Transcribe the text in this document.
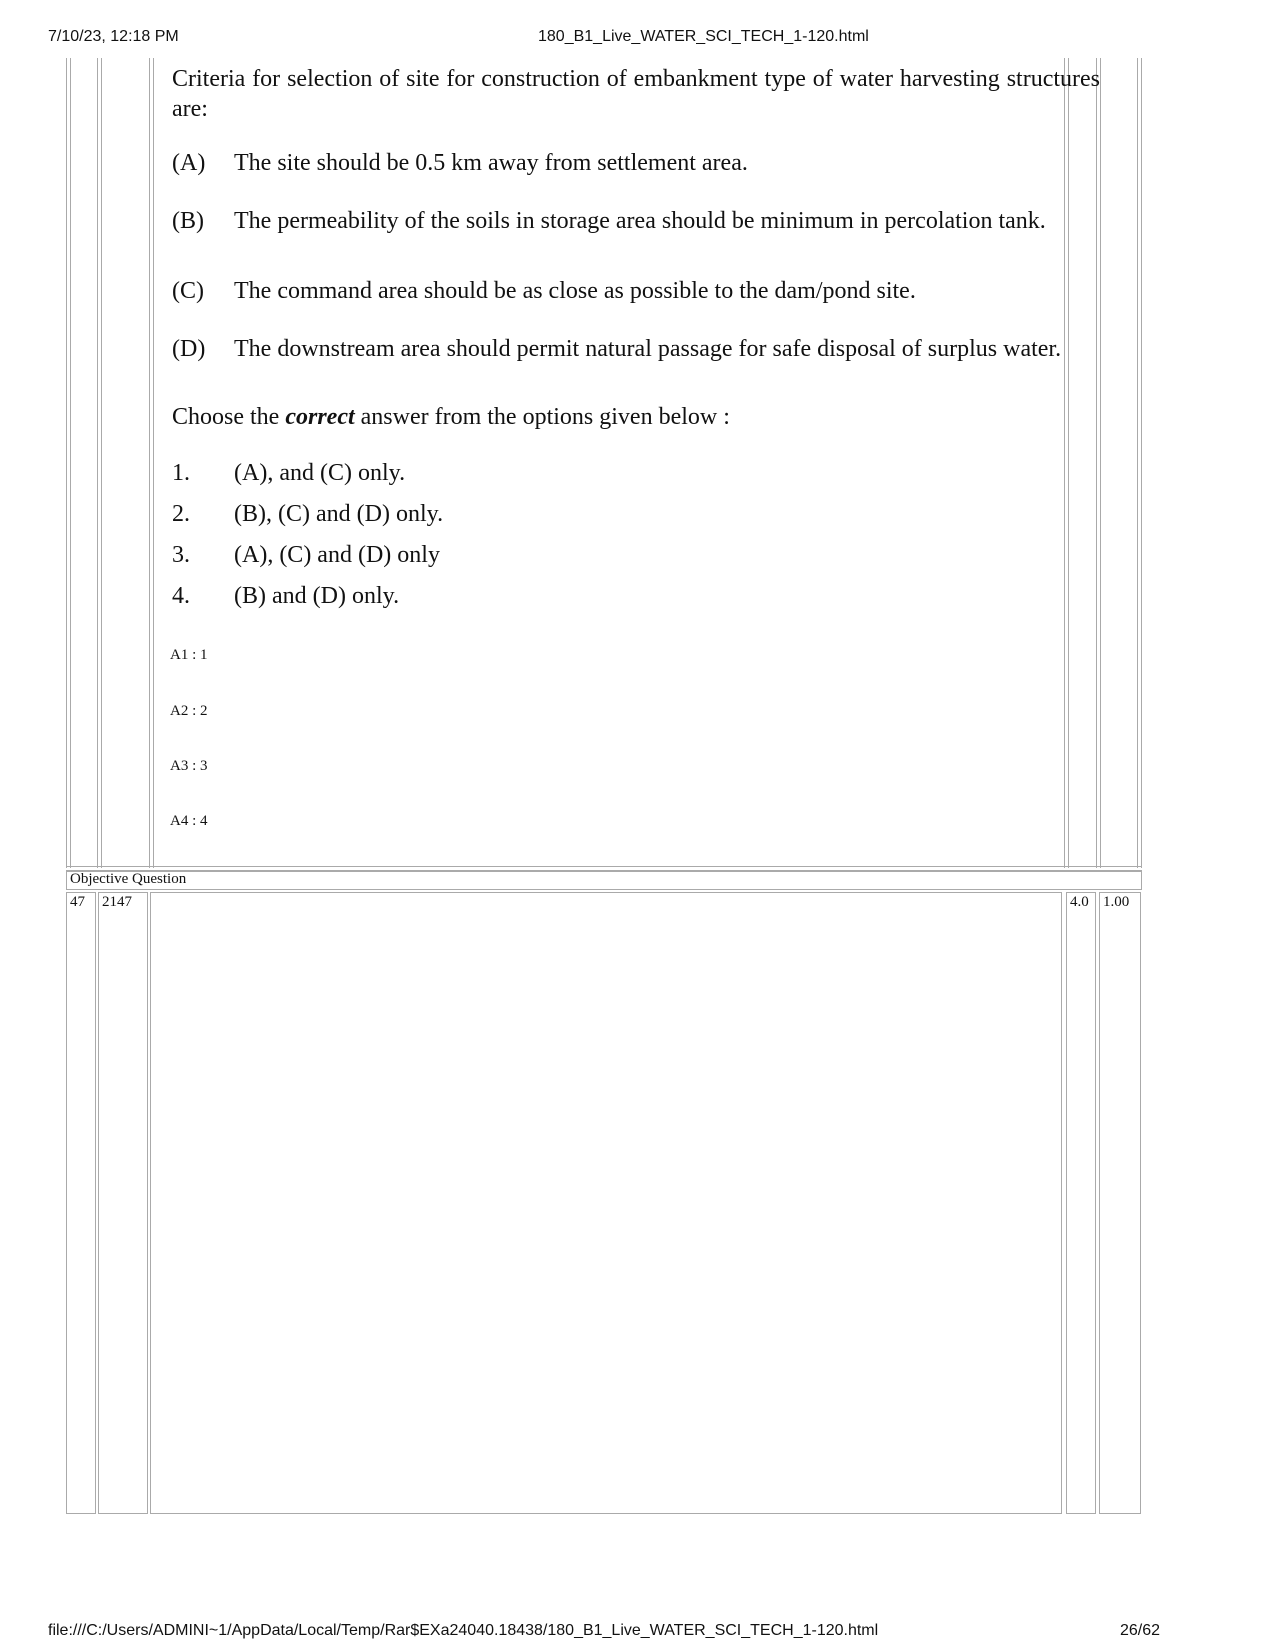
7/10/23, 12:18 PM	180_B1_Live_WATER_SCI_TECH_1-120.html
Criteria for selection of site for construction of embankment type of water harvesting structures are:
(A) The site should be 0.5 km away from settlement area.
(B) The permeability of the soils in storage area should be minimum in percolation tank.
(C) The command area should be as close as possible to the dam/pond site.
(D) The downstream area should permit natural passage for safe disposal of surplus water.
Choose the correct answer from the options given below :
1. (A), and (C) only.
2. (B), (C) and (D) only.
3. (A), (C) and (D) only
4. (B) and (D) only.
A1 : 1
A2 : 2
A3 : 3
A4 : 4
Objective Question
47 2147	4.0 1.00
file:///C:/Users/ADMINI~1/AppData/Local/Temp/Rar$EXa24040.18438/180_B1_Live_WATER_SCI_TECH_1-120.html	26/62
